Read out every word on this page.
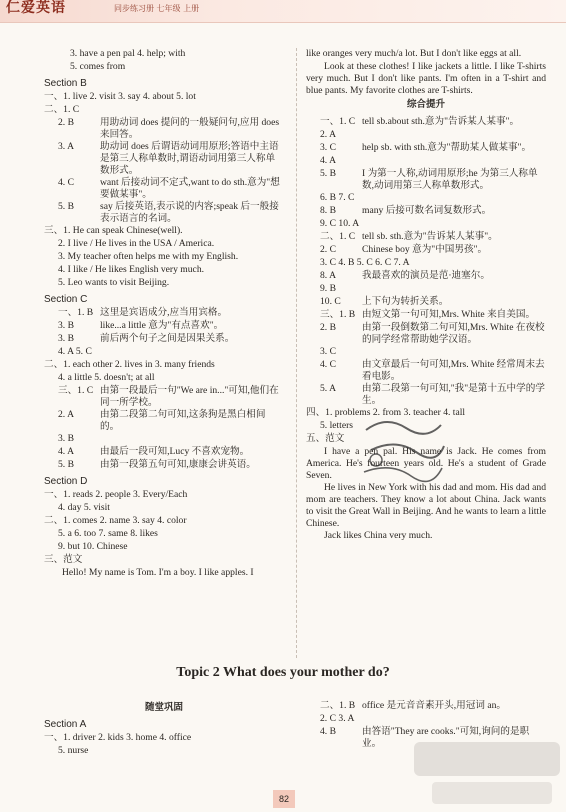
仁爱英语	同步练习册 七年级 上册
3. have a pen pal 4. help; with
5. comes from
Section B
一、1. live 2. visit 3. say 4. about 5. lot
二、1. C
2. B	用助动词 does 提问的一般疑问句,应用 does 来回答。
3. A	助动词 does 后谓语动词用原形;答语中主语是第三人称单数时,谓语动词用第三人称单数形式。
4. C	want 后接动词不定式,want to do sth.意为"想要做某事"。
5. B	say 后接英语,表示说的内容;speak 后一般接表示语言的名词。
三、1. He can speak Chinese(well).
2. I live / He lives in the USA / America.
3. My teacher often helps me with my English.
4. I like / He likes English very much.
5. Leo wants to visit Beijing.
Section C
一、1. B 这里是宾语成分,应当用宾格。
3. B	like...a little 意为"有点喜欢"。
3. B	前后两个句子之间是因果关系。
4. A 5. C
二、1. each other 2. lives in 3. many friends
4. a little 5. doesn't; at all
三、1. C 由第一段最后一句"We are in..."可知,他们在同一所学校。
2. A	由第二段第二句可知,这条狗是黑白相间的。
3. B
4. A	由最后一段可知,Lucy 不喜欢宠物。
5. B	由第一段第五句可知,康康会讲英语。
Section D
一、1. reads 2. people 3. Every/Each
4. day 5. visit
二、1. comes 2. name 3. say 4. color
5. a 6. too 7. same 8. likes
9. but 10. Chinese
三、范文
Hello! My name is Tom. I'm a boy. I like apples. I
like oranges very much/a lot. But I don't like eggs at all.
Look at these clothes! I like jackets a little. I like T-shirts very much. But I don't like pants. I'm often in a T-shirt and blue pants. My favorite clothes are T-shirts.
综合提升
一、1. C tell sb.about sth.意为"告诉某人某事"。
2. A
3. C	help sb. with sth.意为"帮助某人做某事"。
4. A
5. B	I 为第一人称,动词用原形;he 为第三人称单数,动词用第三人称单数形式。
6. B 7. C
8. B	many 后接可数名词复数形式。
9. C 10. A
二、1. C tell sb. sth.意为"告诉某人某事"。
2. C	Chinese boy 意为"中国男孩"。
3. C 4. B 5. C 6. C 7. A
8. A	我最喜欢的演员是范·迪塞尔。
9. B
10. C	上下句为转折关系。
三、1. B 由短文第一句可知,Mrs. White 来自美国。
2. B	由第一段倒数第二句可知,Mrs. White 在夜校的同学经常帮助她学汉语。
3. C
4. C	由文章最后一句可知,Mrs. White 经常周末去看电影。
5. A	由第二段第一句可知,"我"是第十五中学的学生。
四、1. problems 2. from 3. teacher 4. tall
5. letters
五、范文
I have a pen pal. His name is Jack. He comes from America. He's fourteen years old. He's a student of Grade Seven.
He lives in New York with his dad and mom. His dad and mom are teachers. They know a lot about China. Jack wants to visit the Great Wall in Beijing. And he wants to learn a little Chinese.
Jack likes China very much.
Topic 2 What does your mother do?
随堂巩固
Section A
一、1. driver 2. kids 3. home 4. office
5. nurse
二、1. B office 是元音音素开头,用冠词 an。
2. C 3. A
4. B	由答语"They are cooks."可知,询问的是职业。
82
